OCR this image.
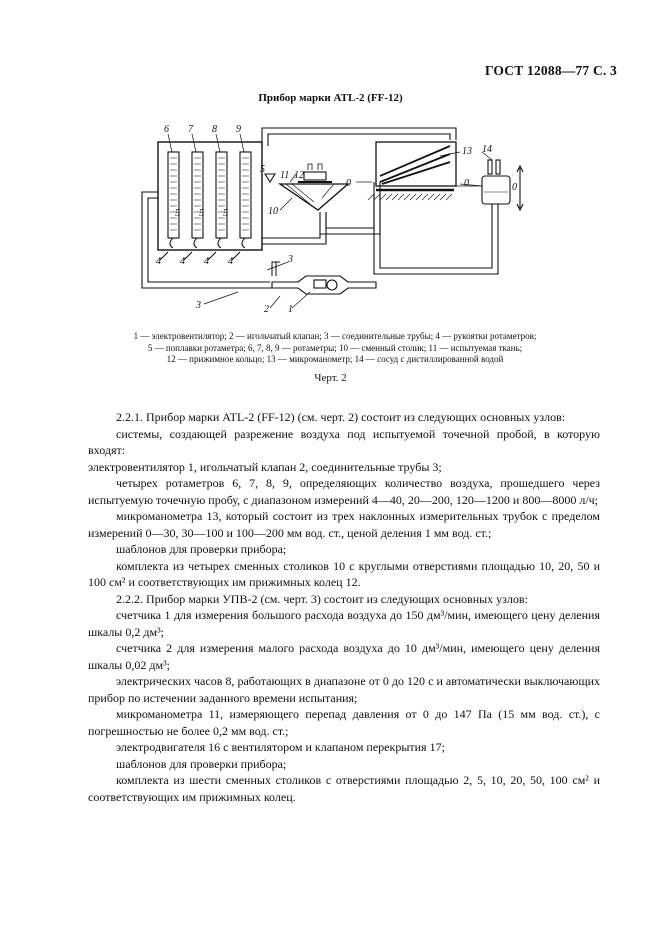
ГОСТ 12088—77 С. 3
Прибор марки ATL-2 (FF-12)
6 7 8 9
5 5 5
5
4 4 4 4	3
3	2 1
11 12
10
13 14
0	0	0
1 — электровентилятор; 2 — игольчатый клапан; 3 — соединительные трубы; 4 — рукоятки ротаметров;
5 — поплавки ротаметра; 6, 7, 8, 9 — ротаметры; 10 — сменный столик; 11 — испытуемая ткань;
12 — прижимное кольцо; 13 — микроманометр; 14 — сосуд с дистиллированной водой
Черт. 2

2.2.1. Прибор марки ATL-2 (FF-12) (см. черт. 2) состоит из следующих основных узлов:

системы, создающей разрежение воздуха под испытуемой точечной пробой, в которую входят:

электровентилятор 1, игольчатый клапан 2, соединительные трубы 3;

четырех ротаметров 6, 7, 8, 9, определяющих количество воздуха, прошедшего через испытуемую точечную пробу, с диапазоном измерений 4—40, 20—200, 120—1200 и 800—8000 л/ч;

микроманометра 13, который состоит из трех наклонных измерительных трубок с пределом измерений 0—30, 30—100 и 100—200 мм вод. ст., ценой деления 1 мм вод. ст.;

шаблонов для проверки прибора;

комплекта из четырех сменных столиков 10 с круглыми отверстиями площадью 10, 20, 50 и 100 см² и соответствующих им прижимных колец 12.

2.2.2. Прибор марки УПВ-2 (см. черт. 3) состоит из следующих основных узлов:

счетчика 1 для измерения большого расхода воздуха до 150 дм³/мин, имеющего цену деления шкалы 0,2 дм³;

счетчика 2 для измерения малого расхода воздуха до 10 дм³/мин, имеющего цену деления шкалы 0,02 дм³;

электрических часов 8, работающих в диапазоне от 0 до 120 с и автоматически выключающих прибор по истечении заданного времени испытания;

микроманометра 11, измеряющего перепад давления от 0 до 147 Па (15 мм вод. ст.), с погрешностью не более 0,2 мм вод. ст.;

электродвигателя 16 с вентилятором и клапаном перекрытия 17;

шаблонов для проверки прибора;

комплекта из шести сменных столиков с отверстиями площадью 2, 5, 10, 20, 50, 100 см² и соответствующих им прижимных колец.
